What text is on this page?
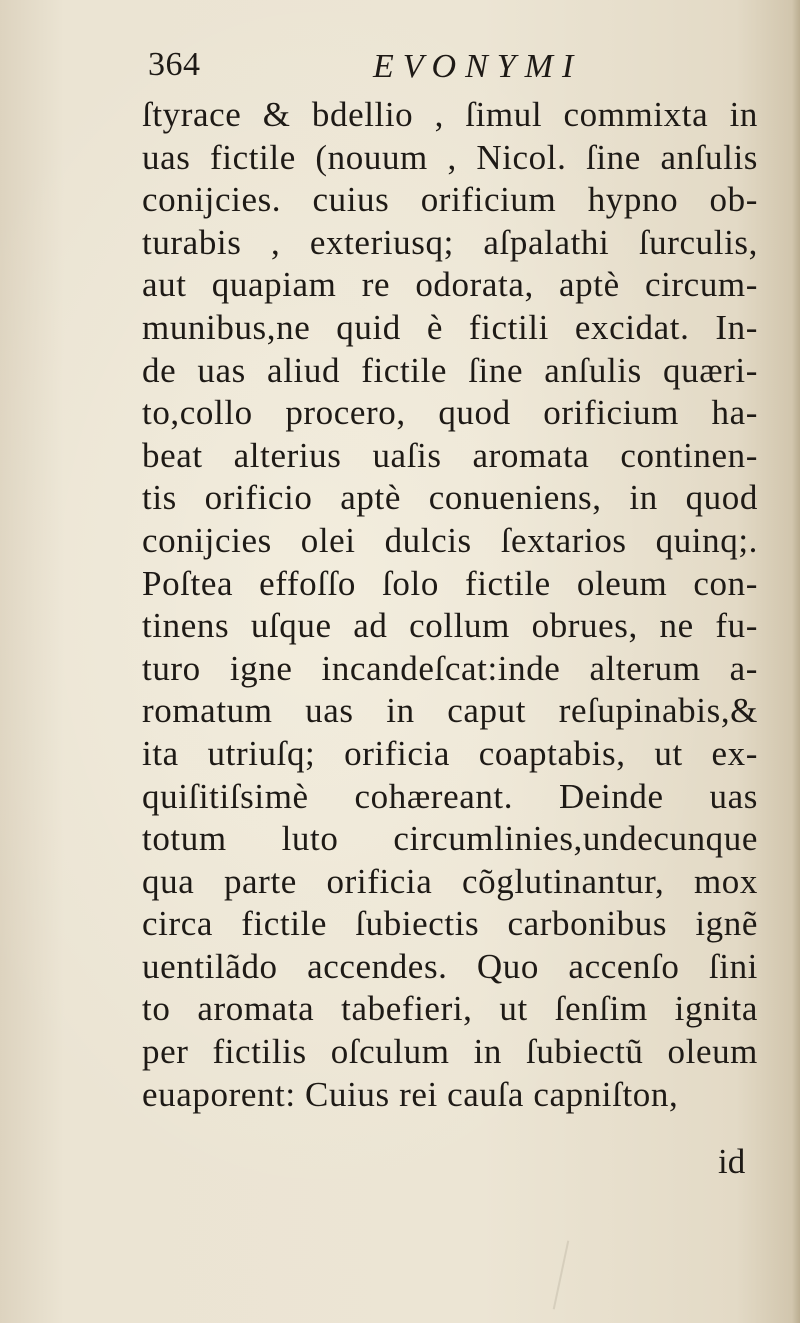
364	EVONYMI
ſtyrace & bdellio , ſimul commixta in
uas fictile (nouum , Nicol. ſine anſulis
conijcies. cuius orificium hypno ob-
turabis , exteriusq; aſpalathi ſurculis,
aut quapiam re odorata, aptè circum-
munibus,ne quid è fictili excidat. In-
de uas aliud fictile ſine anſulis quæri-
to,collo procero, quod orificium ha-
beat alterius uaſis aromata continen-
tis orificio aptè conueniens, in quod
conijcies olei dulcis ſextarios quinq;.
Poſtea effoſſo ſolo fictile oleum con-
tinens uſque ad collum obrues, ne fu-
turo igne incandeſcat:inde alterum a-
romatum uas in caput reſupinabis,&
ita utriuſq; orificia coaptabis, ut ex-
quiſitiſsimè cohæreant. Deinde uas
totum luto circumlinies,undecunque
qua parte orificia cõglutinantur, mox
circa fictile ſubiectis carbonibus ignẽ
uentilãdo accendes. Quo accenſo ſini
to aromata tabefieri, ut ſenſim ignita
per fictilis oſculum in ſubiectũ oleum
euaporent: Cuius rei cauſa capniſton,
id
